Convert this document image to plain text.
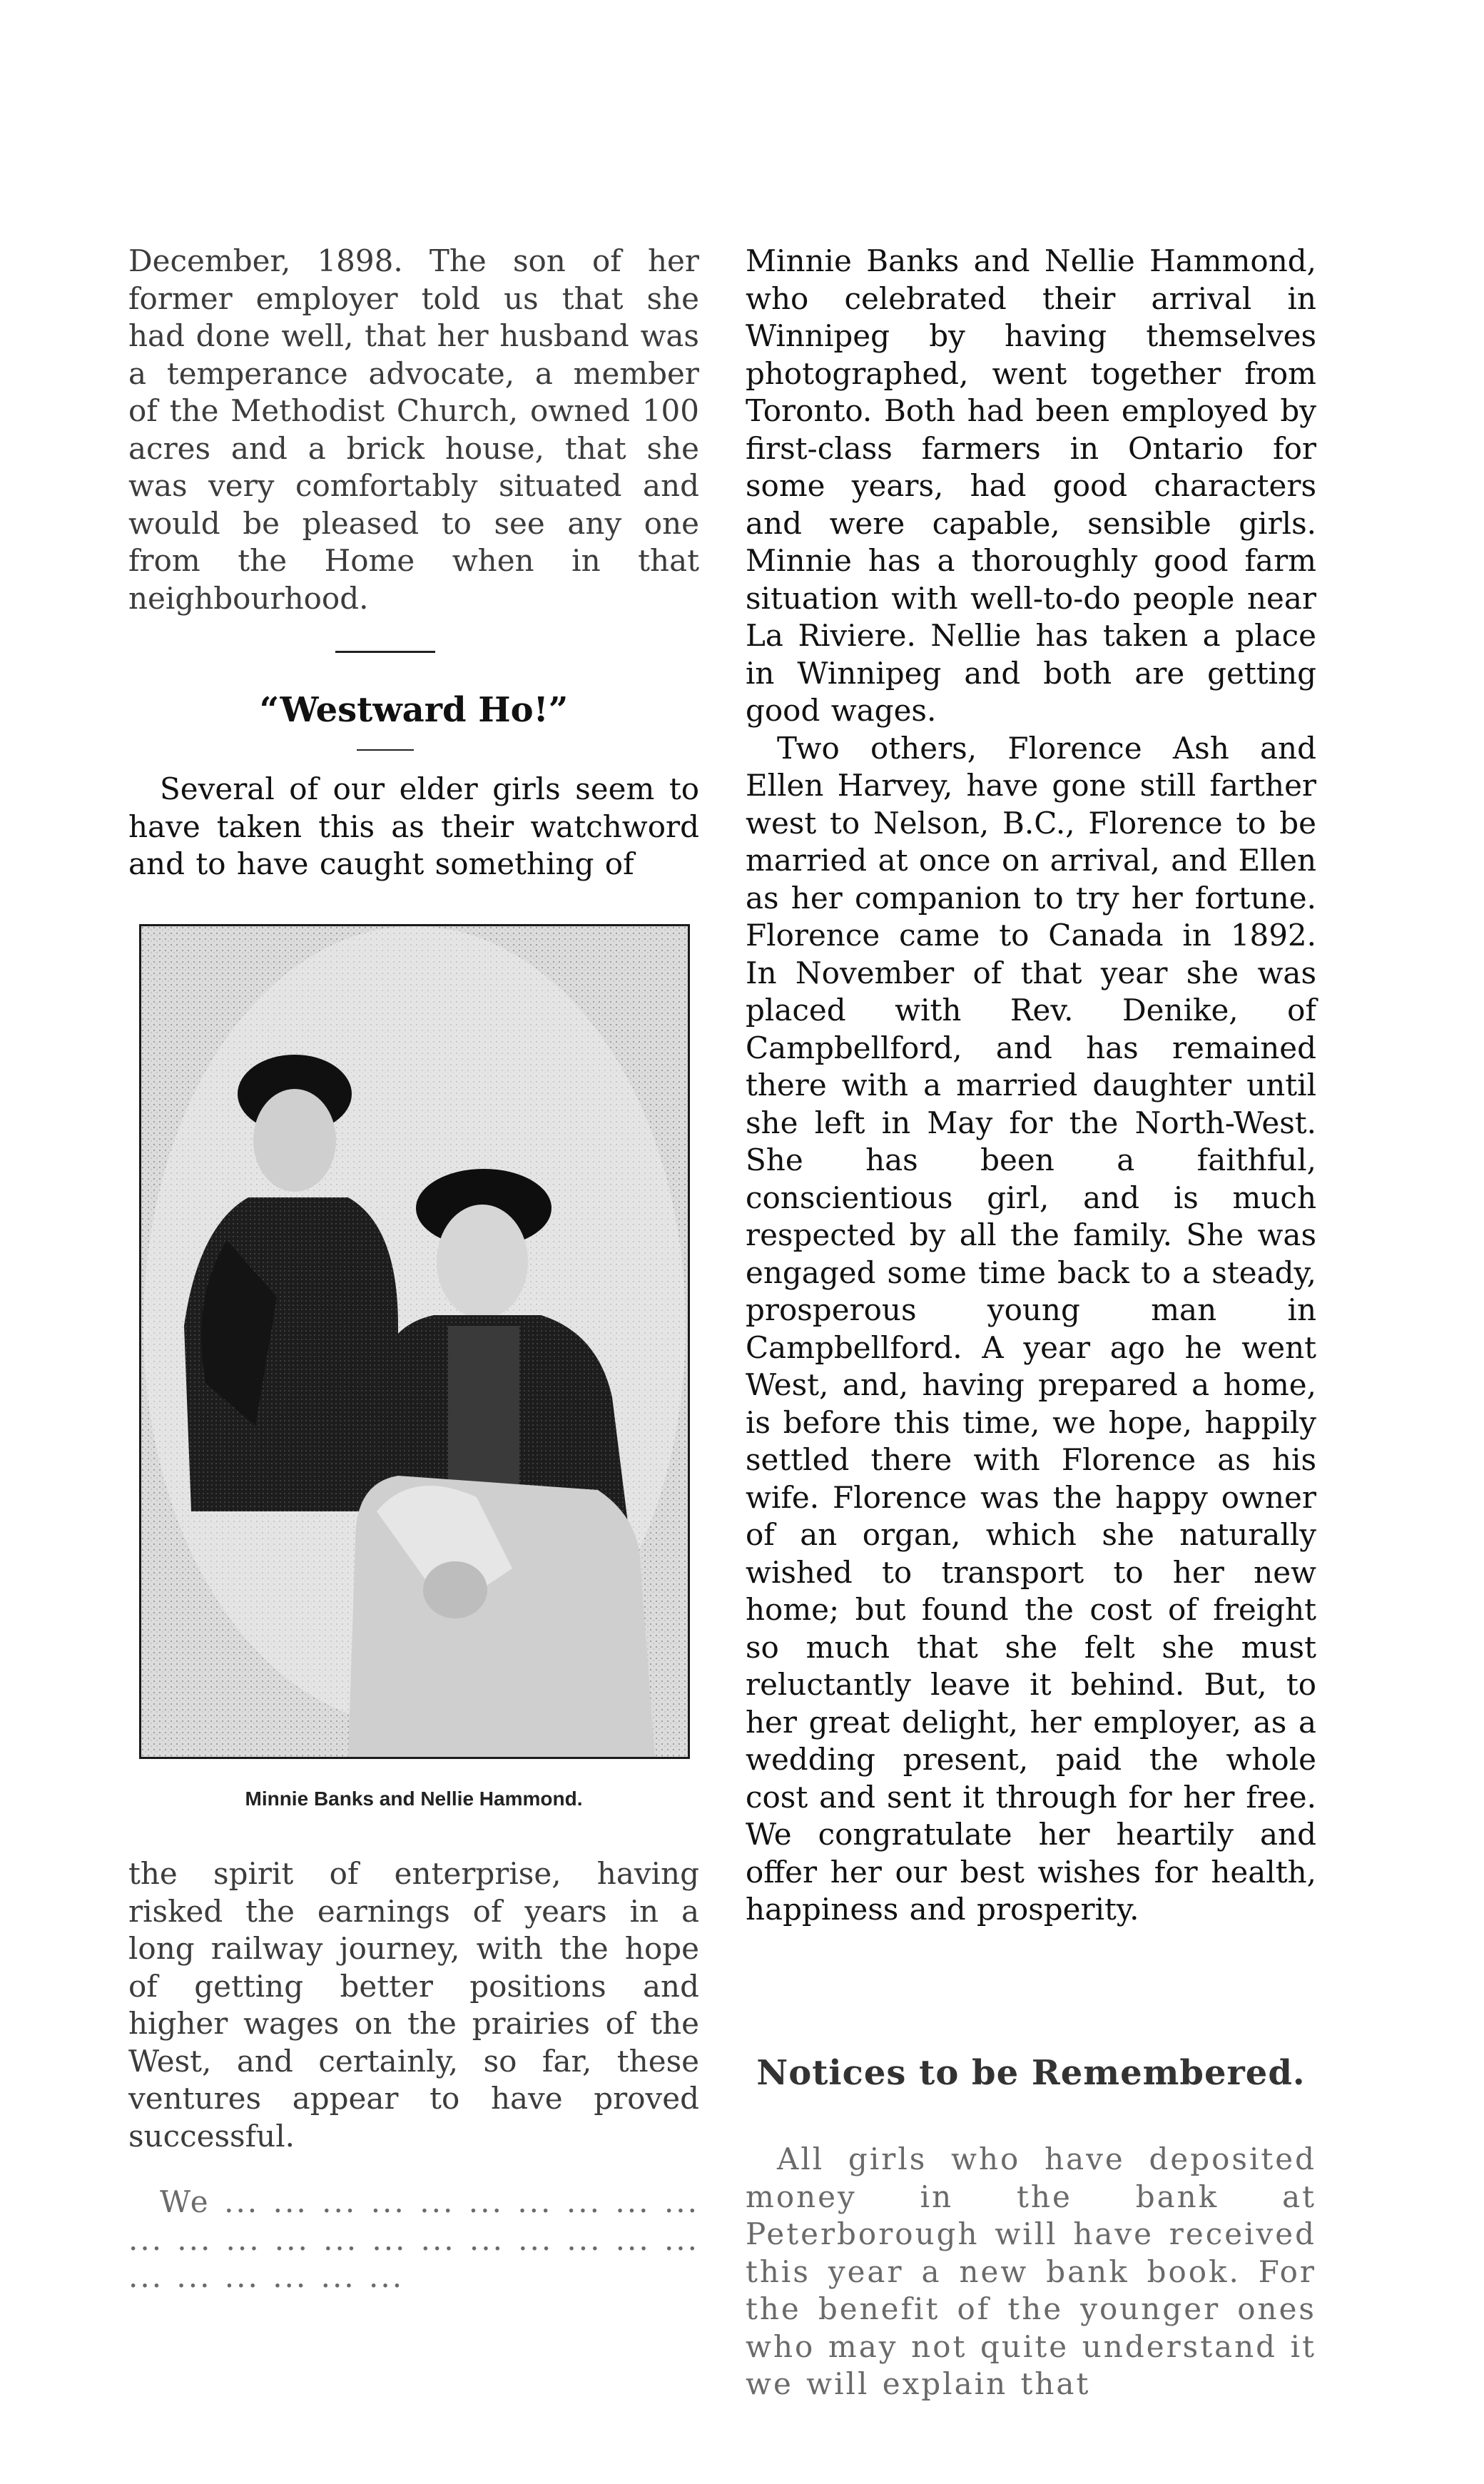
December, 1898. The son of her former employer told us that she had done well, that her husband was a temperance advocate, a member of the Methodist Church, owned 100 acres and a brick house, that she was very comfortably situated and would be pleased to see any one from the Home when in that neighbourhood.

“Westward Ho!”

Several of our elder girls seem to have taken this as their watchword and to have caught something of

Minnie Banks and Nellie Hammond.

the spirit of enterprise, having risked the earnings of years in a long railway journey, with the hope of getting better positions and higher wages on the prairies of the West, and certainly, so far, these ventures appear to have proved successful.

We ... ... ... ... ... ... ... ... ... ... ... ... ... ... ... ... ... ... ... ... ... ... ... ... ... ... ... ...

Minnie Banks and Nellie Hammond, who celebrated their arrival in Winnipeg by having themselves photographed, went together from Toronto. Both had been employed by first-class farmers in Ontario for some years, had good characters and were capable, sensible girls. Minnie has a thoroughly good farm situation with well-to-do people near La Riviere. Nellie has taken a place in Winnipeg and both are getting good wages.

Two others, Florence Ash and Ellen Harvey, have gone still farther west to Nelson, B.C., Florence to be married at once on arrival, and Ellen as her companion to try her fortune. Florence came to Canada in 1892. In November of that year she was placed with Rev. Denike, of Campbellford, and has remained there with a married daughter until she left in May for the North-West. She has been a faithful, conscientious girl, and is much respected by all the family. She was engaged some time back to a steady, prosperous young man in Campbellford. A year ago he went West, and, having prepared a home, is before this time, we hope, happily settled there with Florence as his wife. Florence was the happy owner of an organ, which she naturally wished to transport to her new home; but found the cost of freight so much that she felt she must reluctantly leave it behind. But, to her great delight, her employer, as a wedding present, paid the whole cost and sent it through for her free. We congratulate her heartily and offer her our best wishes for health, happiness and prosperity.

Notices to be Remembered.

All girls who have deposited money in the bank at Peterborough will have received this year a new bank book. For the benefit of the younger ones who may not quite understand it we will explain that
